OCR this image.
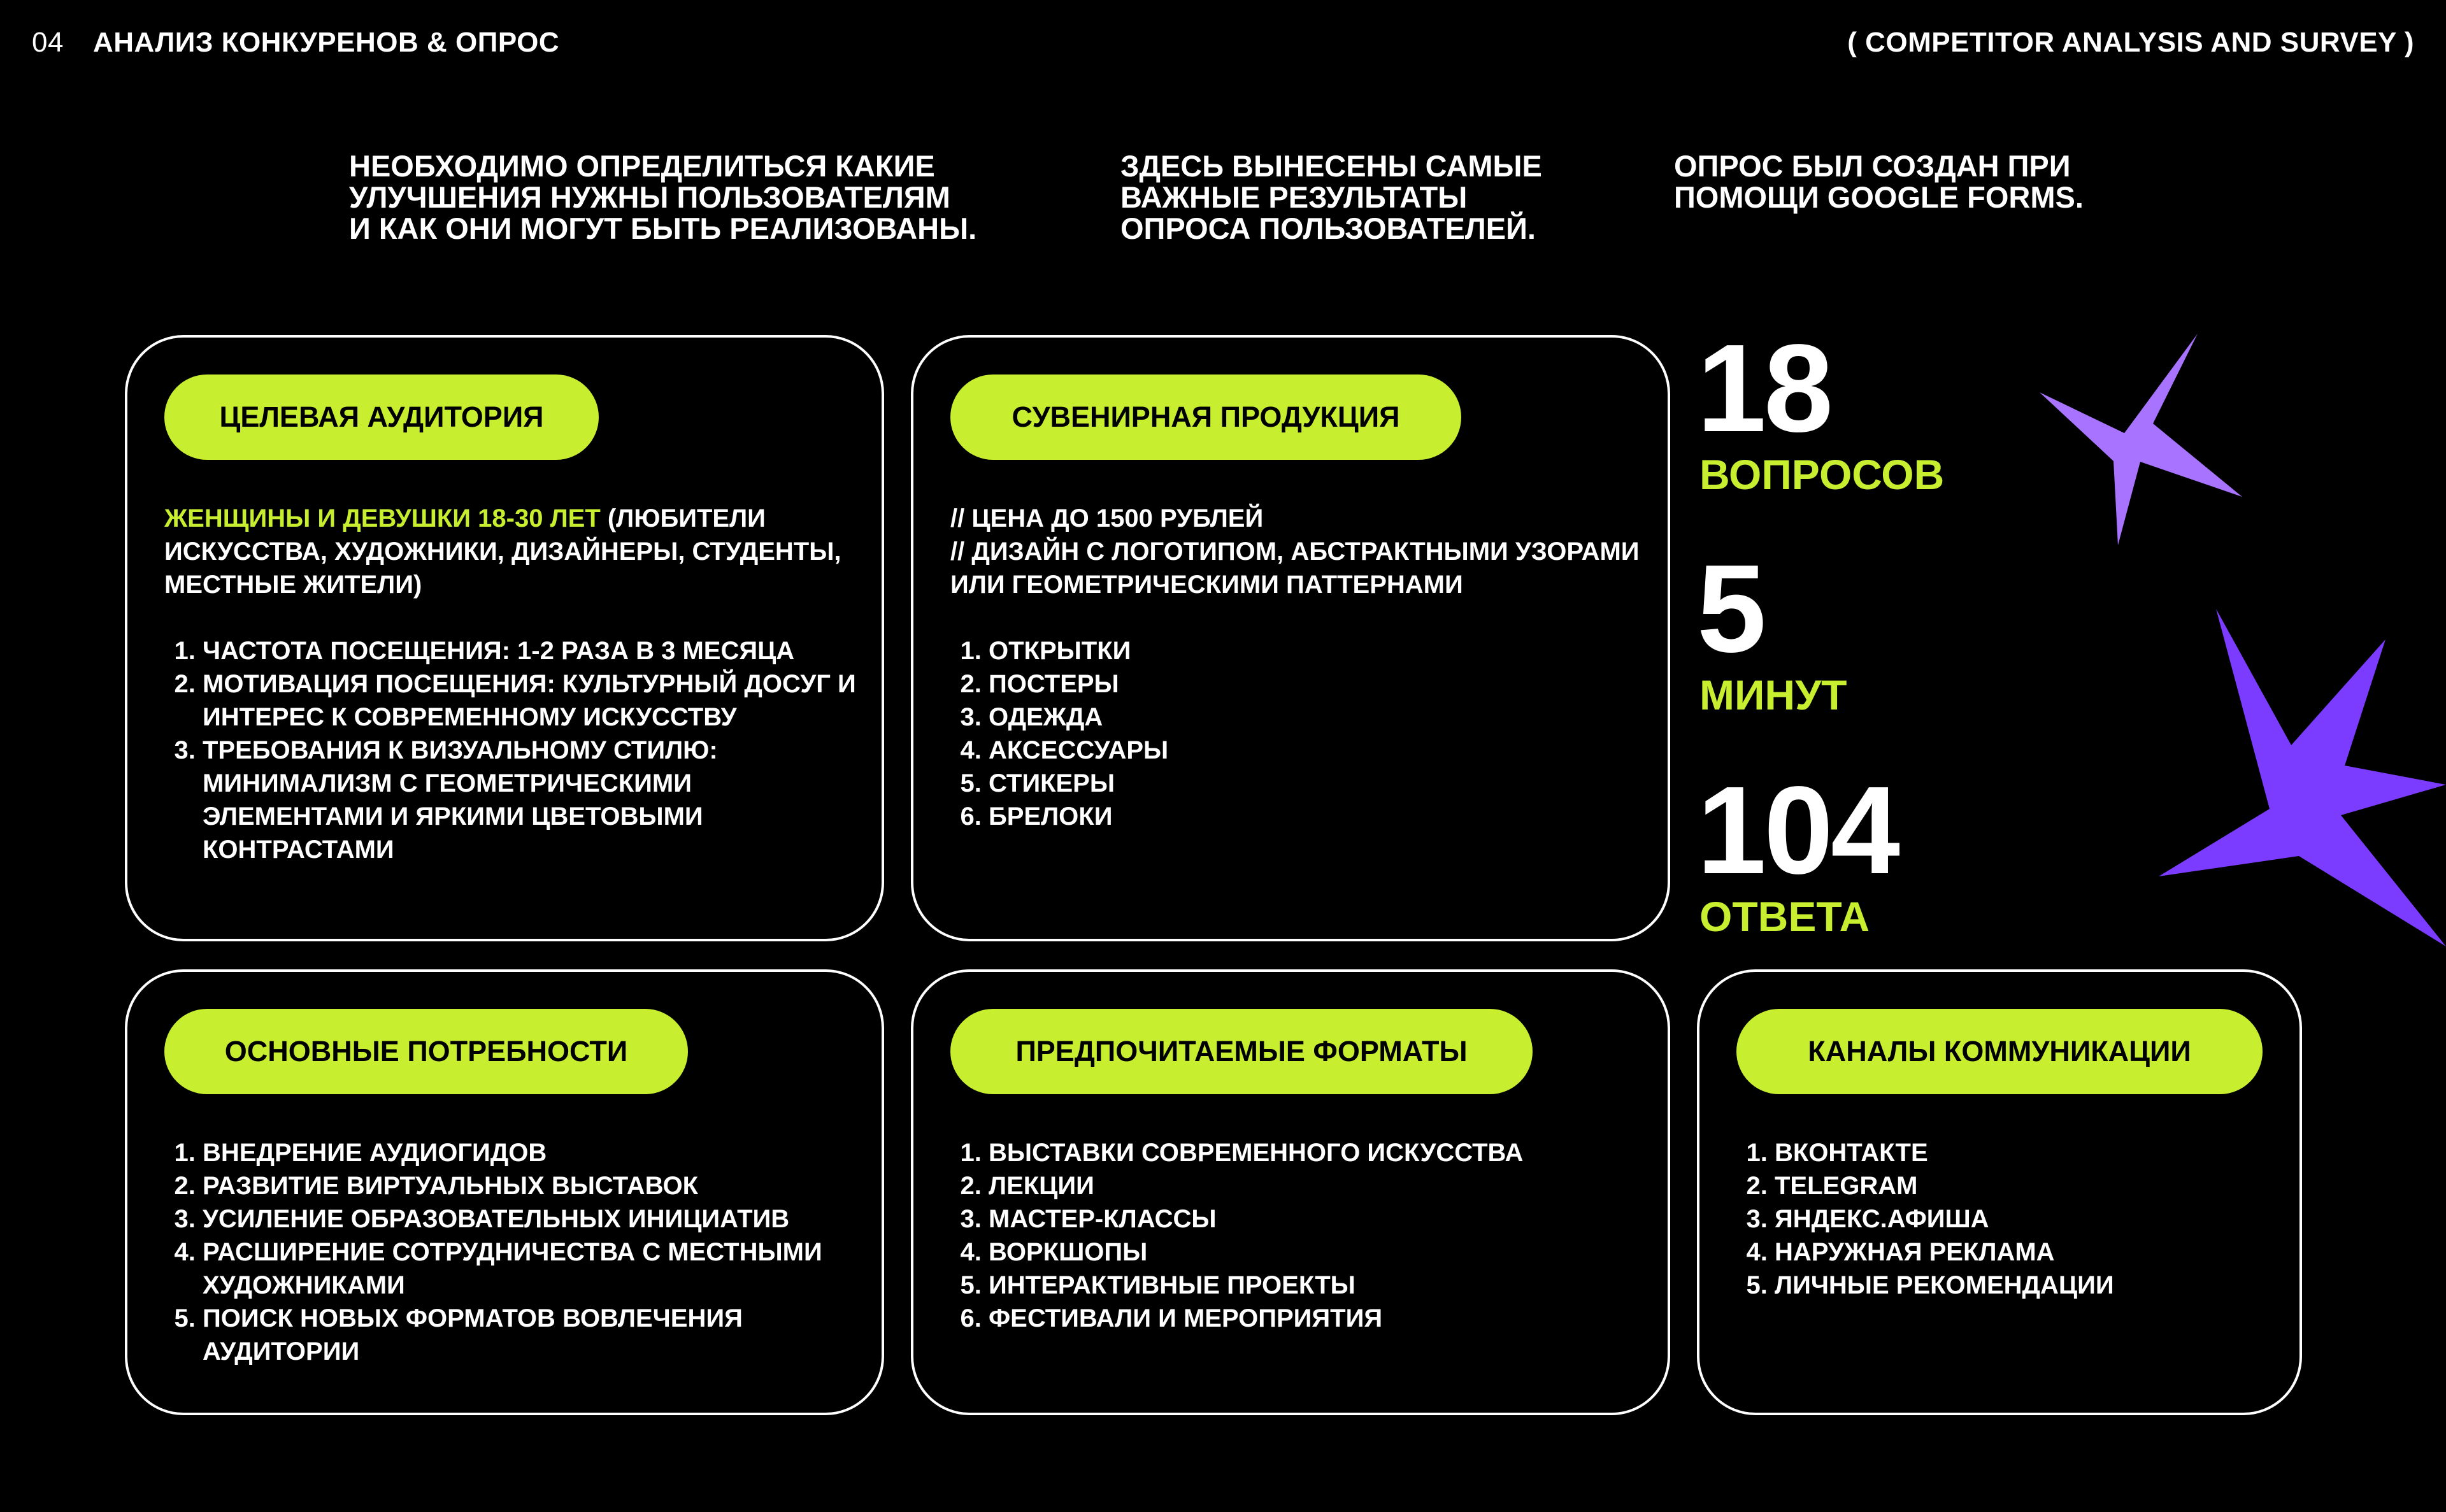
04 АНАЛИЗ КОНКУРЕНОВ & ОПРОС	( COMPETITOR ANALYSIS AND SURVEY )
НЕОБХОДИМО ОПРЕДЕЛИТЬСЯ КАКИЕ
УЛУЧШЕНИЯ НУЖНЫ ПОЛЬЗОВАТЕЛЯМ
И КАК ОНИ МОГУТ БЫТЬ РЕАЛИЗОВАНЫ.
ЗДЕСЬ ВЫНЕСЕНЫ САМЫЕ
ВАЖНЫЕ РЕЗУЛЬТАТЫ
ОПРОСА ПОЛЬЗОВАТЕЛЕЙ.
ОПРОС БЫЛ СОЗДАН ПРИ
ПОМОЩИ GOOGLE FORMS.
ЦЕЛЕВАЯ АУДИТОРИЯ

ЖЕНЩИНЫ И ДЕВУШКИ 18-30 ЛЕТ (ЛЮБИТЕЛИ ИСКУССТВА, ХУДОЖНИКИ, ДИЗАЙНЕРЫ, СТУДЕНТЫ, МЕСТНЫЕ ЖИТЕЛИ)

1. ЧАСТОТА ПОСЕЩЕНИЯ: 1-2 РАЗА В 3 МЕСЯЦА
2. МОТИВАЦИЯ ПОСЕЩЕНИЯ: КУЛЬТУРНЫЙ ДОСУГ И ИНТЕРЕС К СОВРЕМЕННОМУ ИСКУССТВУ
3. ТРЕБОВАНИЯ К ВИЗУАЛЬНОМУ СТИЛЮ: МИНИМАЛИЗМ С ГЕОМЕТРИЧЕСКИМИ ЭЛЕМЕНТАМИ И ЯРКИМИ ЦВЕТОВЫМИ КОНТРАСТАМИ
СУВЕНИРНАЯ ПРОДУКЦИЯ

// ЦЕНА ДО 1500 РУБЛЕЙ

// ДИЗАЙН С ЛОГОТИПОМ, АБСТРАКТНЫМИ УЗОРАМИ ИЛИ ГЕОМЕТРИЧЕСКИМИ ПАТТЕРНАМИ

1. ОТКРЫТКИ
2. ПОСТЕРЫ
3. ОДЕЖДА
4. АКСЕССУАРЫ
5. СТИКЕРЫ
6. БРЕЛОКИ
18
ВОПРОСОВ
5
МИНУТ
104
ОТВЕТА
ОСНОВНЫЕ ПОТРЕБНОСТИ
1. ВНЕДРЕНИЕ АУДИОГИДОВ
2. РАЗВИТИЕ ВИРТУАЛЬНЫХ ВЫСТАВОК
3. УСИЛЕНИЕ ОБРАЗОВАТЕЛЬНЫХ ИНИЦИАТИВ
4. РАСШИРЕНИЕ СОТРУДНИЧЕСТВА С МЕСТНЫМИ ХУДОЖНИКАМИ
5. ПОИСК НОВЫХ ФОРМАТОВ ВОВЛЕЧЕНИЯ АУДИТОРИИ
ПРЕДПОЧИТАЕМЫЕ ФОРМАТЫ
1. ВЫСТАВКИ СОВРЕМЕННОГО ИСКУССТВА
2. ЛЕКЦИИ
3. МАСТЕР-КЛАССЫ
4. ВОРКШОПЫ
5. ИНТЕРАКТИВНЫЕ ПРОЕКТЫ
6. ФЕСТИВАЛИ И МЕРОПРИЯТИЯ
КАНАЛЫ КОММУНИКАЦИИ
1. ВКОНТАКТЕ
2. TELEGRAM
3. ЯНДЕКС.АФИША
4. НАРУЖНАЯ РЕКЛАМА
5. ЛИЧНЫЕ РЕКОМЕНДАЦИИ
